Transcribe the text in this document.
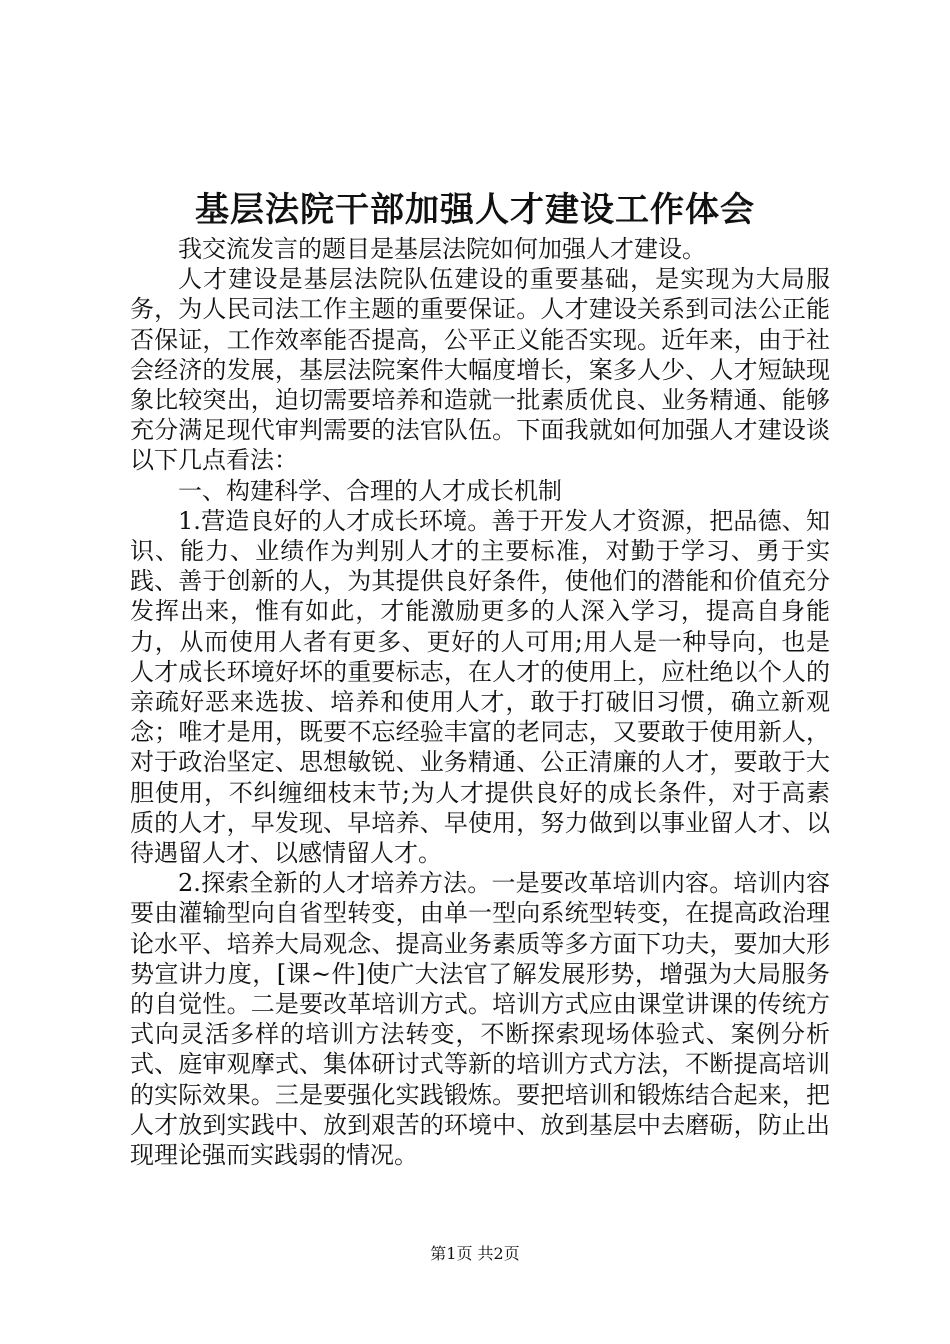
基层法院干部加强人才建设工作体会

我交流发言的题目是基层法院如何加强人才建设。

人才建设是基层法院队伍建设的重要基础，是实现为大局服务，为人民司法工作主题的重要保证。人才建设关系到司法公正能否保证，工作效率能否提高，公平正义能否实现。近年来，由于社会经济的发展，基层法院案件大幅度增长，案多人少、人才短缺现象比较突出，迫切需要培养和造就一批素质优良、业务精通、能够充分满足现代审判需要的法官队伍。下面我就如何加强人才建设谈以下几点看法：

一、构建科学、合理的人才成长机制

1.营造良好的人才成长环境。善于开发人才资源，把品德、知识、能力、业绩作为判别人才的主要标准，对勤于学习、勇于实践、善于创新的人，为其提供良好条件，使他们的潜能和价值充分发挥出来，惟有如此，才能激励更多的人深入学习，提高自身能力，从而使用人者有更多、更好的人可用;用人是一种导向，也是人才成长环境好坏的重要标志，在人才的使用上，应杜绝以个人的亲疏好恶来选拔、培养和使用人才，敢于打破旧习惯，确立新观念；唯才是用，既要不忘经验丰富的老同志，又要敢于使用新人，对于政治坚定、思想敏锐、业务精通、公正清廉的人才，要敢于大胆使用，不纠缠细枝末节;为人才提供良好的成长条件，对于高素质的人才，早发现、早培养、早使用，努力做到以事业留人才、以待遇留人才、以感情留人才。

2.探索全新的人才培养方法。一是要改革培训内容。培训内容要由灌输型向自省型转变，由单一型向系统型转变，在提高政治理论水平、培养大局观念、提高业务素质等多方面下功夫，要加大形势宣讲力度，[课~件]使广大法官了解发展形势，增强为大局服务的自觉性。二是要改革培训方式。培训方式应由课堂讲课的传统方式向灵活多样的培训方法转变，不断探索现场体验式、案例分析式、庭审观摩式、集体研讨式等新的培训方式方法，不断提高培训的实际效果。三是要强化实践锻炼。要把培训和锻炼结合起来，把人才放到实践中、放到艰苦的环境中、放到基层中去磨砺，防止出现理论强而实践弱的情况。

第1页 共2页
